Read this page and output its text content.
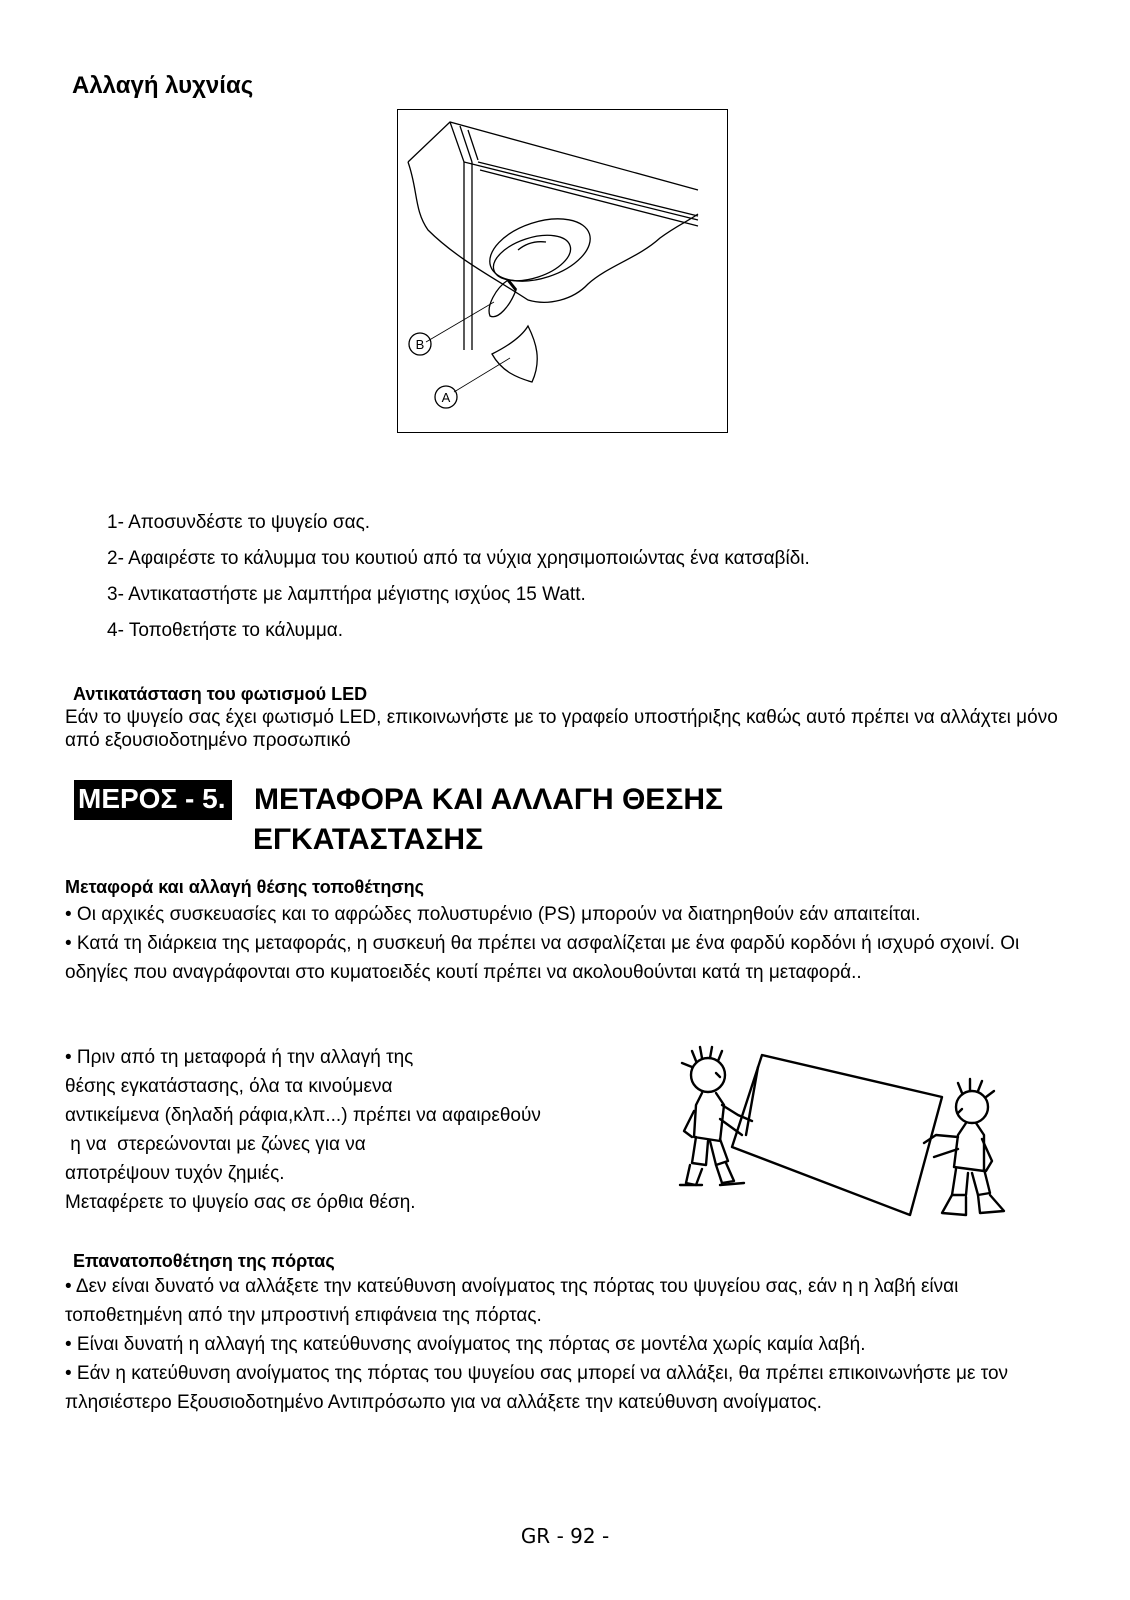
Αλλαγή λυχνίας
B
A
1- Αποσυνδέστε το ψυγείο σας.
2- Αφαιρέστε το κάλυμμα του κουτιού από τα νύχια χρησιμοποιώντας ένα κατσαβίδι.
3- Αντικαταστήστε με λαμπτήρα μέγιστης ισχύος 15 Watt.
4- Τοποθετήστε το κάλυμμα.
Αντικατάσταση του φωτισμού LED
Εάν το ψυγείο σας έχει φωτισμό LED, επικοινωνήστε με το γραφείο υποστήριξης καθώς αυτό πρέπει να αλλάχτει μόνο από εξουσιοδοτημένο προσωπικό
ΜΕΡΟΣ - 5. ΜΕΤΑΦΟΡΑ ΚΑΙ ΑΛΛΑΓΗ ΘΕΣΗΣ
ΕΓΚΑΤΑΣΤΑΣΗΣ
Μεταφορά και αλλαγή θέσης τοποθέτησης

• Οι αρχικές συσκευασίες και το αφρώδες πολυστυρένιο (PS) μπορούν να διατηρηθούν εάν απαιτείται.

• Κατά τη διάρκεια της μεταφοράς, η συσκευή θα πρέπει να ασφαλίζεται με ένα φαρδύ κορδόνι ή ισχυρό σχοινί. Οι οδηγίες που αναγράφονται στο κυματοειδές κουτί πρέπει να ακολουθούνται κατά τη μεταφορά..

• Πριν από τη μεταφορά ή την αλλαγή της

θέσης εγκατάστασης, όλα τα κινούμενα

αντικείμενα (δηλαδή ράφια,κλπ...) πρέπει να αφαιρεθούν

η να  στερεώνονται με ζώνες για να

αποτρέψουν τυχόν ζημιές.

Μεταφέρετε το ψυγείο σας σε όρθια θέση.

Επανατοποθέτηση της πόρτας

• Δεν είναι δυνατό να αλλάξετε την κατεύθυνση ανοίγματος της πόρτας του ψυγείου σας, εάν η η λαβή είναι τοποθετημένη από την μπροστινή επιφάνεια της πόρτας.

• Είναι δυνατή η αλλαγή της κατεύθυνσης ανοίγματος της πόρτας σε μοντέλα χωρίς καμία λαβή.

• Εάν η κατεύθυνση ανοίγματος της πόρτας του ψυγείου σας μπορεί να αλλάξει, θα πρέπει επικοινωνήστε με τον πλησιέστερο Εξουσιοδοτημένο Αντιπρόσωπο για να αλλάξετε την κατεύθυνση ανοίγματος.

GR - 92 -
